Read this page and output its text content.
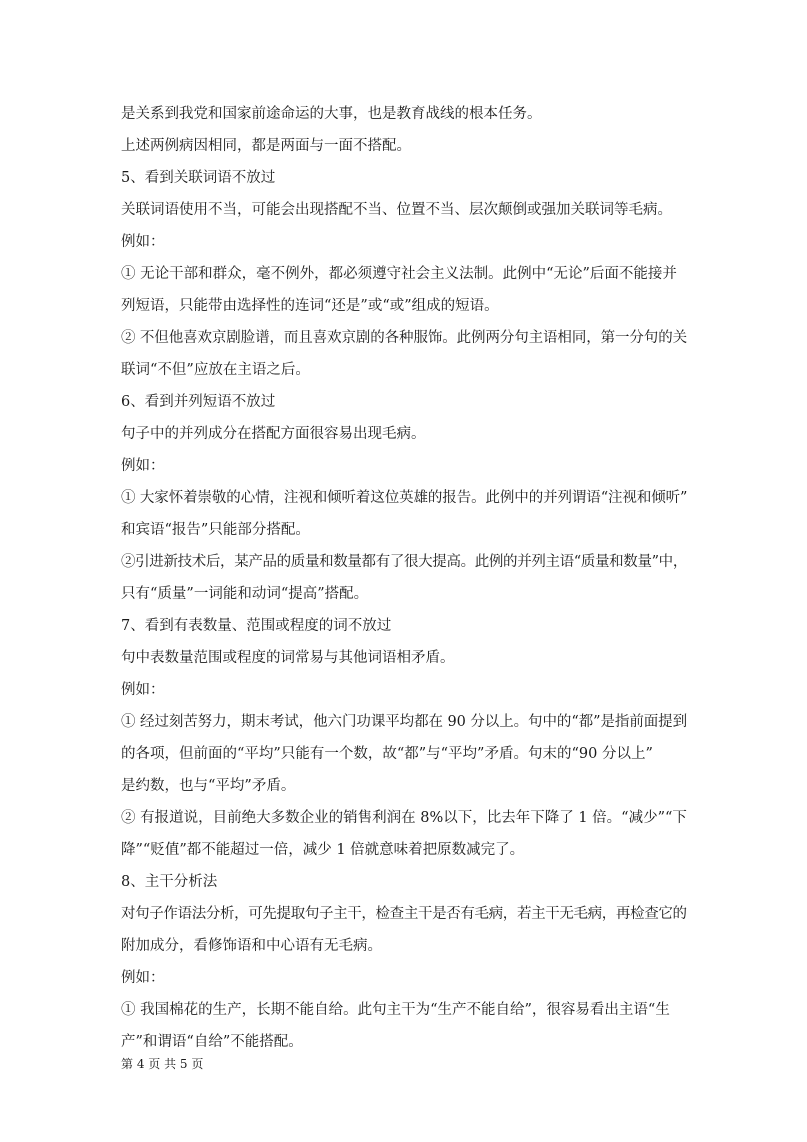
是关系到我党和国家前途命运的大事，也是教育战线的根本任务。
上述两例病因相同，都是两面与一面不搭配。
5、看到关联词语不放过
关联词语使用不当，可能会出现搭配不当、位置不当、层次颠倒或强加关联词等毛病。
例如：
① 无论干部和群众，毫不例外，都必须遵守社会主义法制。此例中“无论”后面不能接并
列短语，只能带由选择性的连词“还是”或“或”组成的短语。
② 不但他喜欢京剧脸谱，而且喜欢京剧的各种服饰。此例两分句主语相同，第一分句的关
联词“不但”应放在主语之后。
6、看到并列短语不放过
句子中的并列成分在搭配方面很容易出现毛病。
例如：
① 大家怀着崇敬的心情，注视和倾听着这位英雄的报告。此例中的并列谓语“注视和倾听”
和宾语“报告”只能部分搭配。
②引进新技术后，某产品的质量和数量都有了很大提高。此例的并列主语“质量和数量”中，
只有“质量”一词能和动词“提高”搭配。
7、看到有表数量、范围或程度的词不放过
句中表数量范围或程度的词常易与其他词语相矛盾。
例如：
① 经过刻苦努力，期末考试，他六门功课平均都在 90 分以上。句中的“都”是指前面提到
的各项，但前面的“平均”只能有一个数，故“都”与“平均”矛盾。句末的“90 分以上”
是约数，也与“平均”矛盾。
② 有报道说，目前绝大多数企业的销售利润在 8%以下，比去年下降了 1 倍。“减少”“下
降”“贬值”都不能超过一倍，减少 1 倍就意味着把原数减完了。
8、主干分析法
对句子作语法分析，可先提取句子主干，检查主干是否有毛病，若主干无毛病，再检查它的
附加成分，看修饰语和中心语有无毛病。
例如：
① 我国棉花的生产，长期不能自给。此句主干为“生产不能自给”，很容易看出主语“生
产”和谓语“自给”不能搭配。
第 4 页 共 5 页
